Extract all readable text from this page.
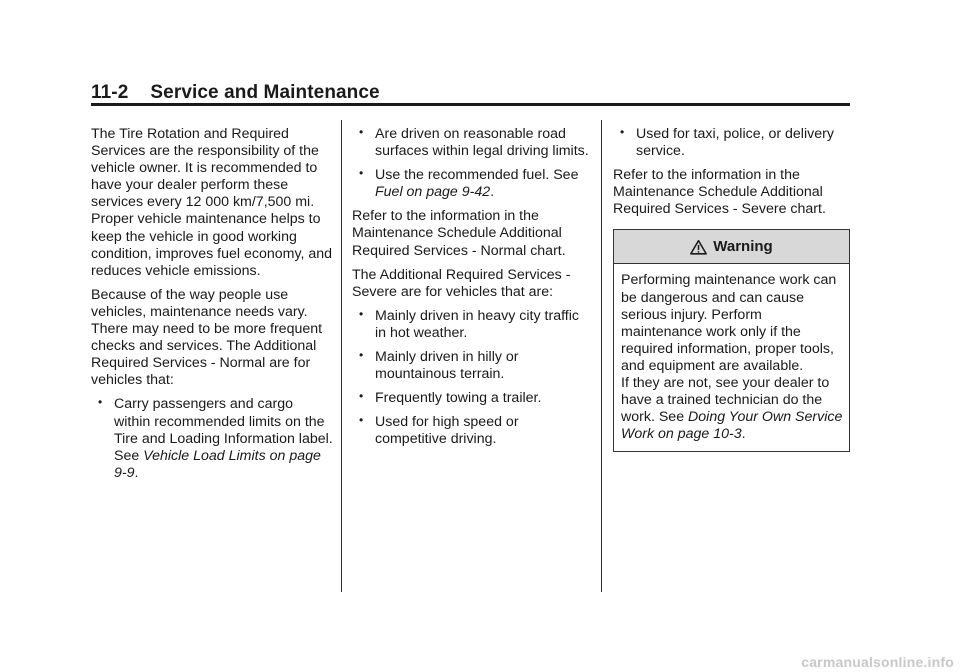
11-2 Service and Maintenance

The Tire Rotation and Required Services are the responsibility of the vehicle owner. It is recommended to have your dealer perform these services every 12 000 km/7,500 mi. Proper vehicle maintenance helps to keep the vehicle in good working condition, improves fuel economy, and reduces vehicle emissions.

Because of the way people use vehicles, maintenance needs vary. There may need to be more frequent checks and services. The Additional Required Services - Normal are for vehicles that:

• Carry passengers and cargo within recommended limits on the Tire and Loading Information label. See Vehicle Load Limits on page 9-9.
• Are driven on reasonable road surfaces within legal driving limits.
• Use the recommended fuel. See Fuel on page 9-42.

Refer to the information in the Maintenance Schedule Additional Required Services - Normal chart.

The Additional Required Services - Severe are for vehicles that are:

• Mainly driven in heavy city traffic in hot weather.
• Mainly driven in hilly or mountainous terrain.
• Frequently towing a trailer.
• Used for high speed or competitive driving.
• Used for taxi, police, or delivery service.

Refer to the information in the Maintenance Schedule Additional Required Services - Severe chart.

Warning

Performing maintenance work can be dangerous and can cause serious injury. Perform maintenance work only if the required information, proper tools, and equipment are available.

If they are not, see your dealer to have a trained technician do the work. See Doing Your Own Service Work on page 10-3.

carmanualsonline.info
